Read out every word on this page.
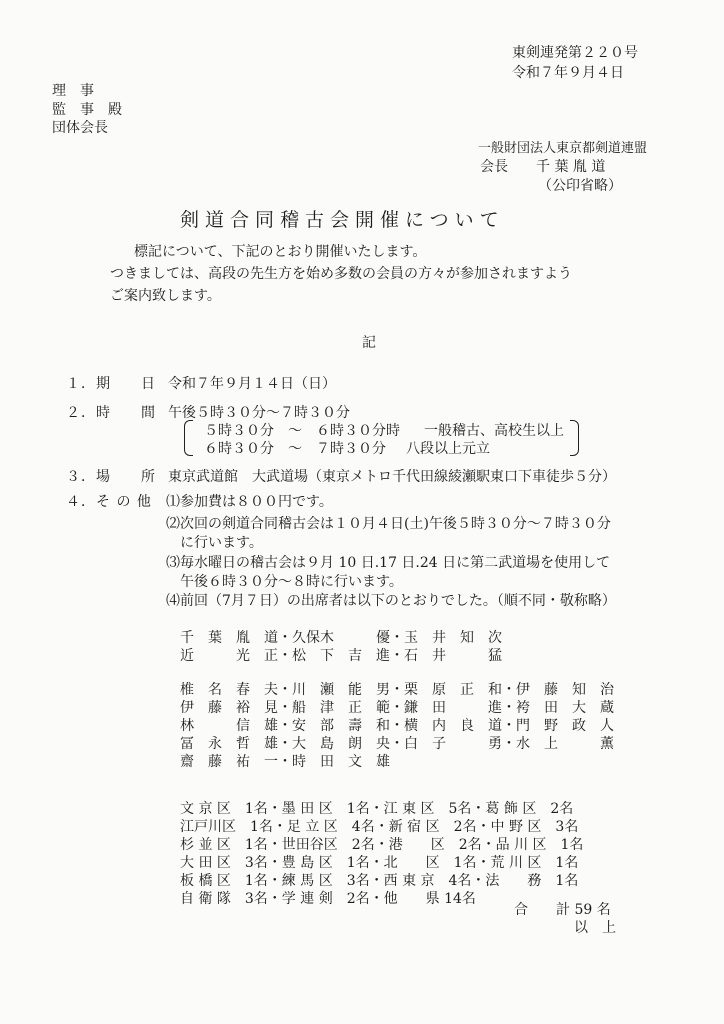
東剣連発第２２０号
令和７年９月４日
理　事
監　事　殿
団体会長
一般財団法人東京都剣道連盟
会長　　千 葉 胤 道
（公印省略）
剣道合同稽古会開催について
標記について、下記のとおり開催いたします。
つきましては、高段の先生方を始め多数の会員の方々が参加されますよう
ご案内致します。
記
１． 期　　日 令和７年９月１４日（日）
２． 時　　間 午後５時３０分～７時３０分
５時３０分　～　６時３０分時 一般稽古、高校生以上
６時３０分　～　７時３０分 八段以上元立
３． 場　　所 東京武道館　大武道場（東京メトロ千代田線綾瀬駅東口下車徒歩５分）
４． そ の 他 ⑴参加費は８００円です。
⑵次回の剣道合同稽古会は１０月４日(土)午後５時３０分～７時３０分
に行います。
⑶毎水曜日の稽古会は９月 10 日.17 日.24 日に第二武道場を使用して
午後６時３０分～８時に行います。
⑷前回（7月７日）の出席者は以下のとおりでした。（順不同・敬称略）
千　葉　胤　道・久保木　　　優・玉　井　知　次
近　　　光　正・松　下　吉　進・石　井　　　猛
椎　名　春　夫・川　瀬　能　男・栗　原　正　和・伊　藤　知　治
伊　藤　裕　見・船　津　正　範・鎌　田　　　進・袴　田　大　蔵
林　　　信　雄・安　部　壽　和・横　内　良　道・門　野　政　人
冨　永　哲　雄・大　島　朗　央・白　子　　　勇・水　上　　　薫
齋　藤　祐　一・時　田　文　雄
文 京 区　1名・墨 田 区　1名・江 東 区　5名・葛 飾 区　2名
江戸川区　1名・足 立 区　4名・新 宿 区　2名・中 野 区　3名
杉 並 区　1名・世田谷区　2名・港　　区　2名・品 川 区　1名
大 田 区　3名・豊 島 区　1名・北　　区　1名・荒 川 区　1名
板 橋 区　1名・練 馬 区　3名・西 東 京　4名・法　　務　1名
自 衛 隊　3名・学 連 剣　2名・他　　県 14名
合　　計 59 名
以　上
